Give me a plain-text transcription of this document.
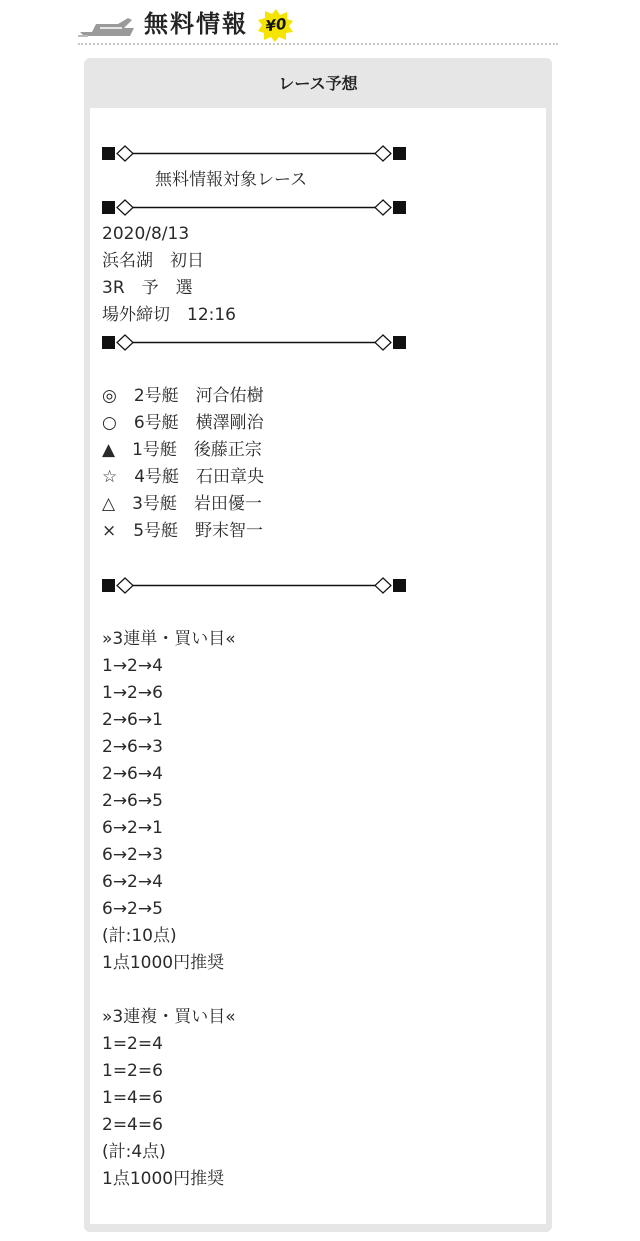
無料情報	¥0
レース予想
無料情報対象レース
2020/8/13
浜名湖　初日
3R　予　選
場外締切　12:16
◎　2号艇　河合佑樹
○　6号艇　横澤剛治
▲　1号艇　後藤正宗
☆　4号艇　石田章央
△　3号艇　岩田優一
×　5号艇　野末智一
»3連単・買い目«
1→2→4
1→2→6
2→6→1
2→6→3
2→6→4
2→6→5
6→2→1
6→2→3
6→2→4
6→2→5
(計:10点)
1点1000円推奨
»3連複・買い目«
1=2=4
1=2=6
1=4=6
2=4=6
(計:4点)
1点1000円推奨
